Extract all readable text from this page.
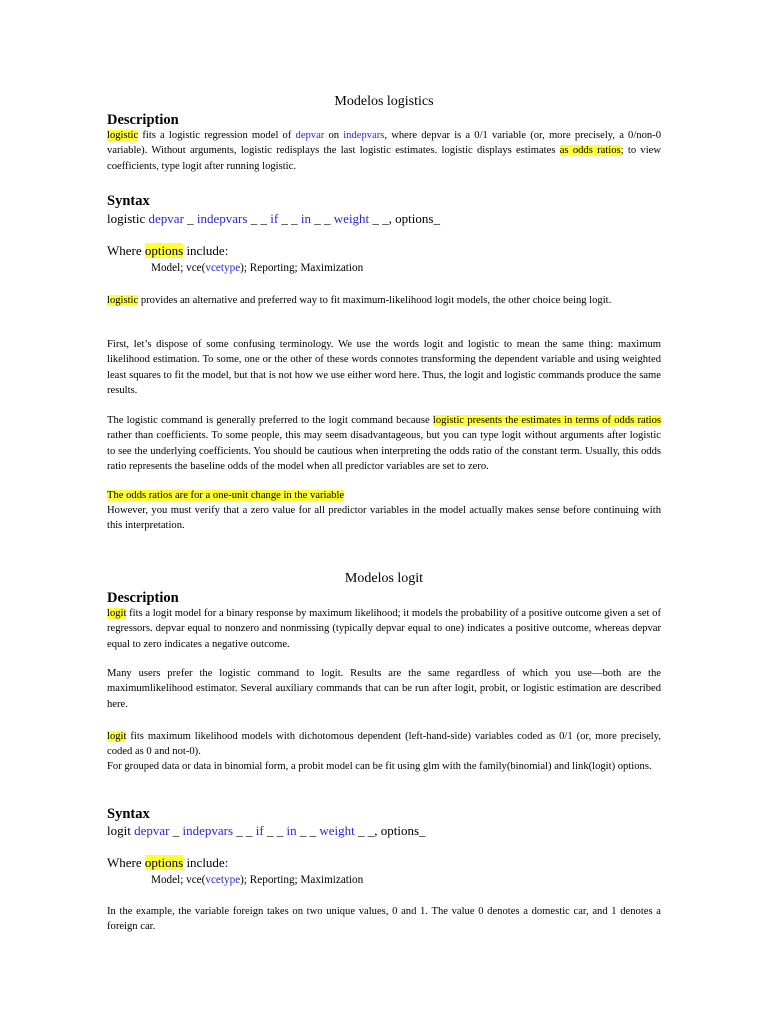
Modelos logistics
Description
logistic fits a logistic regression model of depvar on indepvars, where depvar is a 0/1 variable (or, more precisely, a 0/non-0 variable). Without arguments, logistic redisplays the last logistic estimates. logistic displays estimates as odds ratios; to view coefficients, type logit after running logistic.
Syntax
logistic depvar _ indepvars _ _ if _ _ in _ _ weight _ _, options_
Where options include:
Model; vce(vcetype); Reporting; Maximization
logistic provides an alternative and preferred way to fit maximum-likelihood logit models, the other choice being logit.
First, let’s dispose of some confusing terminology. We use the words logit and logistic to mean the same thing: maximum likelihood estimation. To some, one or the other of these words connotes transforming the dependent variable and using weighted least squares to fit the model, but that is not how we use either word here. Thus, the logit and logistic commands produce the same results.
The logistic command is generally preferred to the logit command because logistic presents the estimates in terms of odds ratios rather than coefficients. To some people, this may seem disadvantageous, but you can type logit without arguments after logistic to see the underlying coefficients. You should be cautious when interpreting the odds ratio of the constant term. Usually, this odds ratio represents the baseline odds of the model when all predictor variables are set to zero.
The odds ratios are for a one-unit change in the variable
However, you must verify that a zero value for all predictor variables in the model actually makes sense before continuing with this interpretation.
Modelos logit
Description
logit fits a logit model for a binary response by maximum likelihood; it models the probability of a positive outcome given a set of regressors. depvar equal to nonzero and nonmissing (typically depvar equal to one) indicates a positive outcome, whereas depvar equal to zero indicates a negative outcome.
Many users prefer the logistic command to logit. Results are the same regardless of which you use—both are the maximumlikelihood estimator. Several auxiliary commands that can be run after logit, probit, or logistic estimation are described here.
logit fits maximum likelihood models with dichotomous dependent (left-hand-side) variables coded as 0/1 (or, more precisely, coded as 0 and not-0).
For grouped data or data in binomial form, a probit model can be fit using glm with the family(binomial) and link(logit) options.
Syntax
logit depvar _ indepvars _ _ if _ _ in _ _ weight _ _, options_
Where options include:
Model; vce(vcetype); Reporting; Maximization
In the example, the variable foreign takes on two unique values, 0 and 1. The value 0 denotes a domestic car, and 1 denotes a foreign car.
